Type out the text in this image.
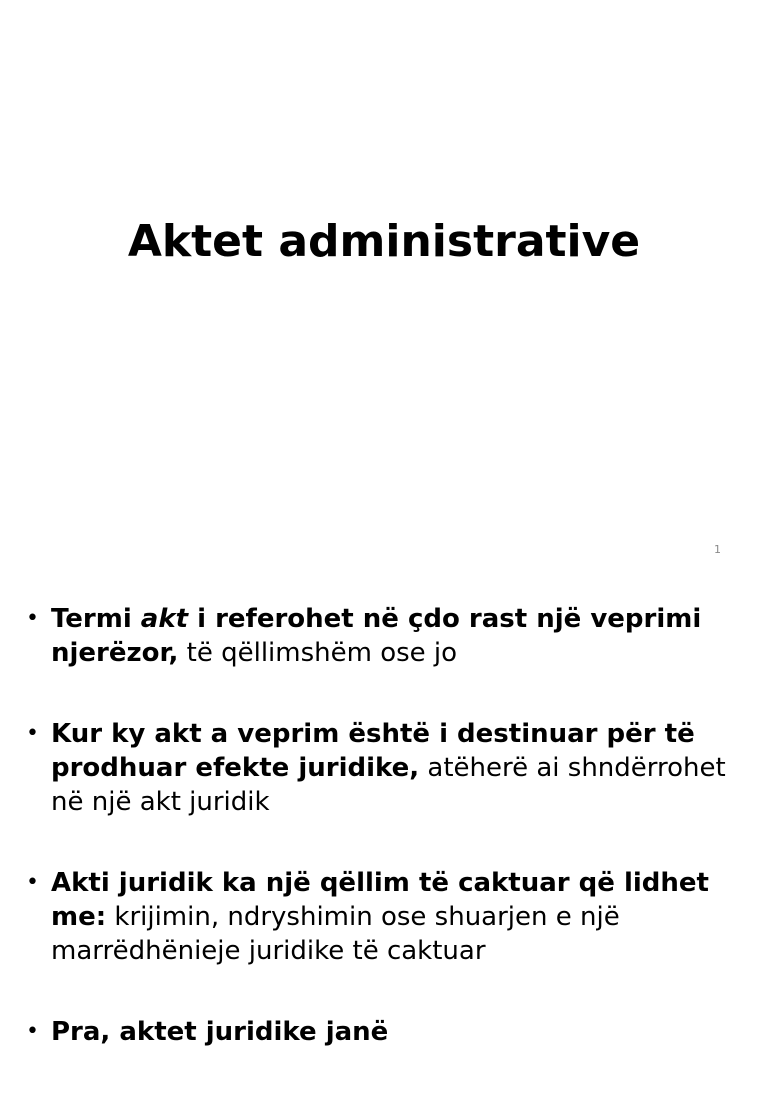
Aktet administrative
1
• Termi akt i referohet në çdo rast një veprimi njerëzor, të qëllimshëm ose jo
• Kur ky akt a veprim është i destinuar për të prodhuar efekte juridike, atëherë ai shndërrohet në një akt juridik
• Akti juridik ka një qëllim të caktuar që lidhet me: krijimin, ndryshimin ose shuarjen e një marrëdhënieje juridike të caktuar
• Pra, aktet juridike janë
